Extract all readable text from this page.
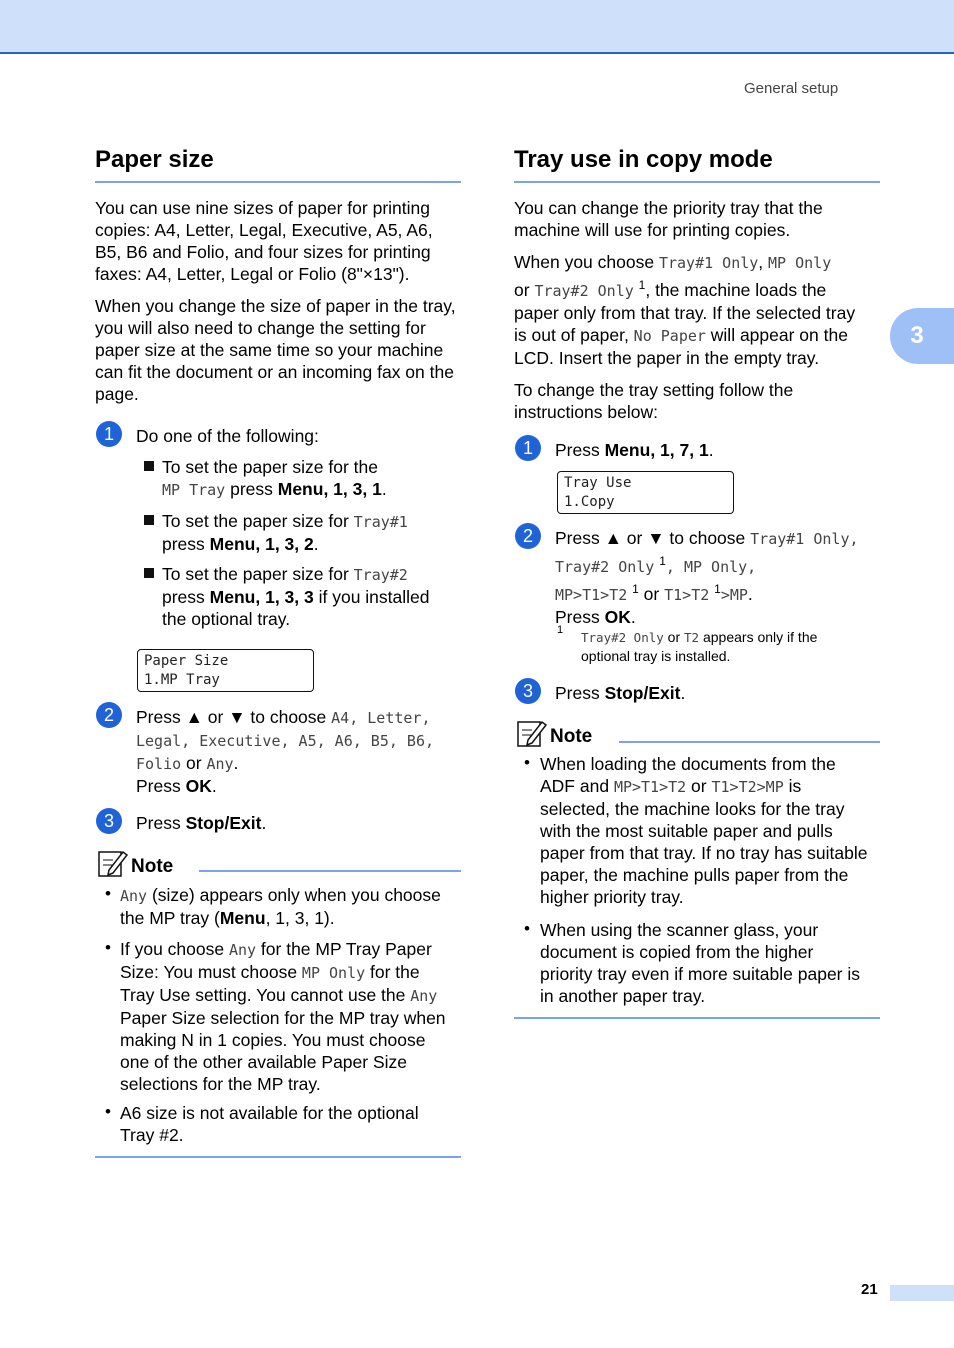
General setup
3
Paper size

You can use nine sizes of paper for printing copies: A4, Letter, Legal, Executive, A5, A6, B5, B6 and Folio, and four sizes for printing faxes: A4, Letter, Legal or Folio (8"×13").

When you change the size of paper in the tray, you will also need to change the setting for paper size at the same time so your machine can fit the document or an incoming fax on the page.

1	Do one of the following:
To set the paper size for the
MP Tray press Menu, 1, 3, 1.
To set the paper size for Tray#1
press Menu, 1, 3, 2.
To set the paper size for Tray#2
press Menu, 1, 3, 3 if you installed the optional tray.
Paper Size
1.MP Tray
2	Press ▲ or ▼ to choose A4, Letter,
Legal, Executive, A5, A6, B5, B6,
Folio or Any.
Press OK.
3	Press Stop/Exit.
Note
• Any (size) appears only when you choose
the MP tray (Menu, 1, 3, 1).
• If you choose Any for the MP Tray Paper
Size: You must choose MP Only for the
Tray Use setting. You cannot use the Any
Paper Size selection for the MP tray when
making N in 1 copies. You must choose
one of the other available Paper Size
selections for the MP tray.
• A6 size is not available for the optional
Tray #2.
Tray use in copy mode

You can change the priority tray that the machine will use for printing copies.

When you choose Tray#1 Only, MP Only
or Tray#2 Only $^1$, the machine loads the
paper only from that tray. If the selected tray
is out of paper, No Paper will appear on the
LCD. Insert the paper in the empty tray.

To change the tray setting follow the instructions below:

1	Press Menu, 1, 7, 1.
Tray Use
1.Copy
2	Press ▲ or ▼ to choose Tray#1 Only,
Tray#2 Only $^1$, MP Only,
MP>T1>T2 $^1$ or T1>T2 $^1$>MP.
Press OK.
1 Tray#2 Only or T2 appears only if the
optional tray is installed.
3	Press Stop/Exit.
Note
• When loading the documents from the
ADF and MP>T1>T2 or T1>T2>MP is
selected, the machine looks for the tray
with the most suitable paper and pulls
paper from that tray. If no tray has suitable
paper, the machine pulls paper from the
higher priority tray.
• When using the scanner glass, your
document is copied from the higher
priority tray even if more suitable paper is
in another paper tray.
21
